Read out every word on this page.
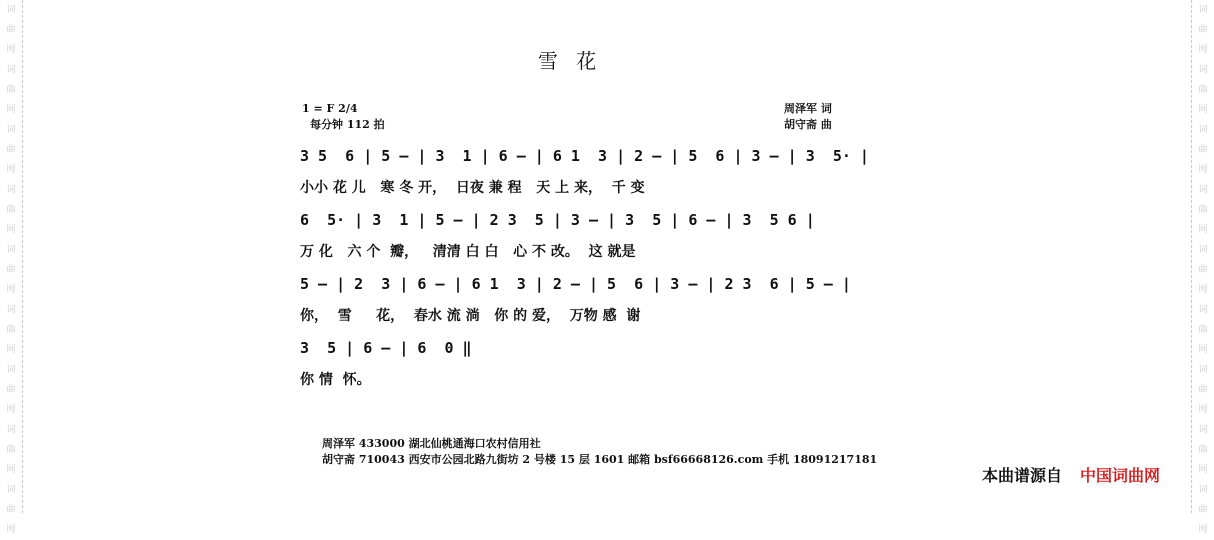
词
曲
网
词
曲
网
词
曲
网
词
曲
网
词
曲
网
词
曲
网
词
曲
网
词
曲
网
词
曲
网
词
曲
网
词
曲
网
词
曲
网
词
曲
网
词
曲
网
词
曲
网
词
曲
网
词
曲
网
词
曲
网
雪 花
1 = F 2/4
每分钟 112 拍
周泽军 词
胡守斋 曲
3 5  6 | 5 — | 3  1 | 6 — | 6 1  3 | 2 — | 5  6 | 3 — | 3  5· |
小小 花 儿   寒 冬 开，  日夜 兼 程   天 上 来，  千 变
6  5· | 3  1 | 5 — | 2 3  5 | 3 — | 3  5 | 6 — | 3  5 6 |
万 化   六 个  瓣，   清清 白 白   心 不 改。  这 就是
5 — | 2  3 | 6 — | 6 1  3 | 2 — | 5  6 | 3 — | 2 3  6 | 5 — |
你，  雪     花，  春水 流 淌   你 的 爱，  万物 感  谢
3  5 | 6 — | 6  0 ‖
你 情  怀。
周泽军 433000 湖北仙桃通海口农村信用社
胡守斋 710043 西安市公园北路九街坊 2 号楼 15 层 1601 邮箱 bsf66668126.com 手机 18091217181
本曲谱源自 中国词曲网
